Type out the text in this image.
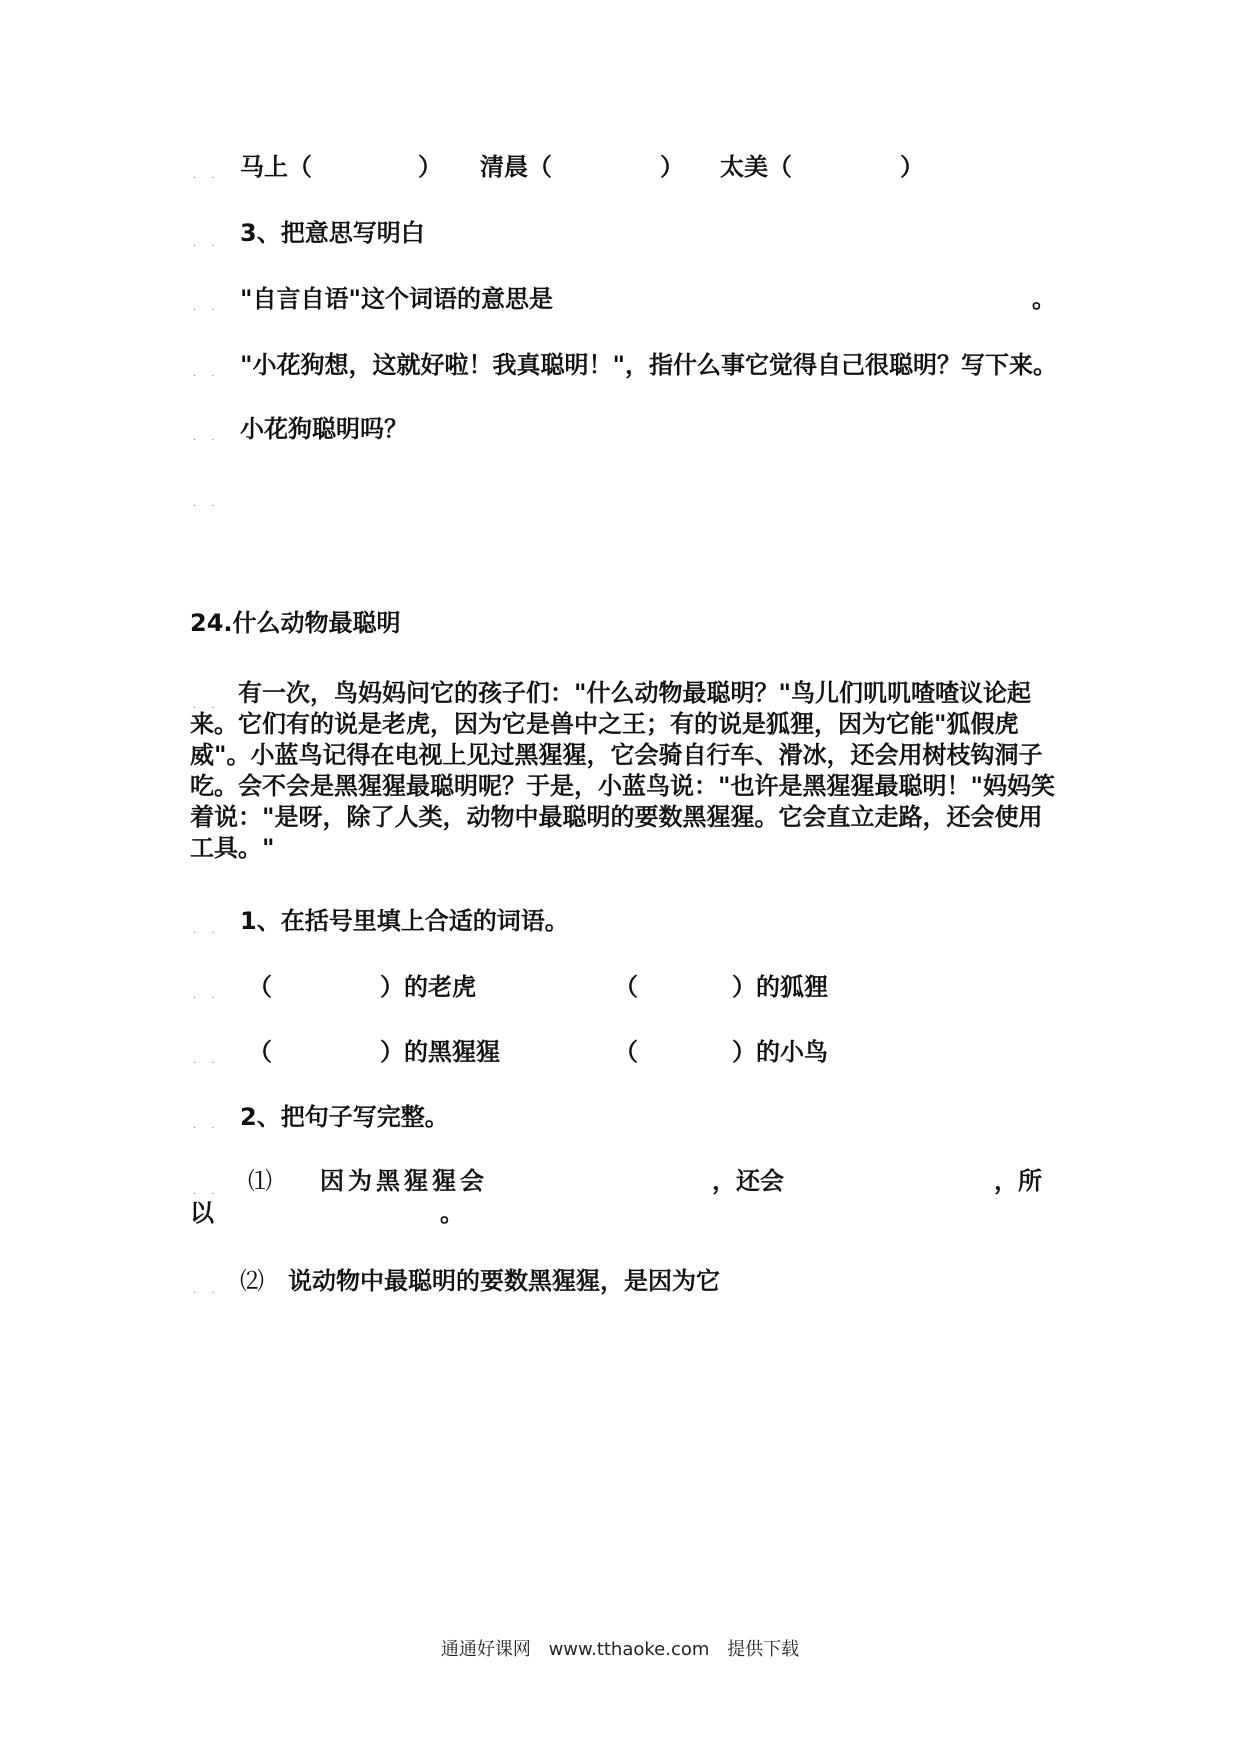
. .
. .
. .
. .
. .
. .
. .
. .
. .
. .
. .
. .
. .
马上（	） 清晨（	） 太美（	）
3、把意思写明白
"自言自语"这个词语的意思是	。
"小花狗想，这就好啦！我真聪明！"，指什么事它觉得自己很聪明？写下来。
小花狗聪明吗？
24.什么动物最聪明
有一次，鸟妈妈问它的孩子们："什么动物最聪明？"鸟儿们叽叽喳喳议论起来。它们有的说是老虎，因为它是兽中之王；有的说是狐狸，因为它能"狐假虎威"。小蓝鸟记得在电视上见过黑猩猩，它会骑自行车、滑冰，还会用树枝钩洞子吃。会不会是黑猩猩最聪明呢？于是，小蓝鸟说："也许是黑猩猩最聪明！"妈妈笑着说："是呀，除了人类，动物中最聪明的要数黑猩猩。它会直立走路，还会使用工具。"
1、在括号里填上合适的词语。
（	）的老虎	（	）的狐狸
（	）的黑猩猩	（	）的小鸟
2、把句子写完整。
⑴ 因为黑猩猩会	，还会	，所
以	。
⑵ 说动物中最聪明的要数黑猩猩，是因为它
通通好课网 www.tthaoke.com 提供下载
